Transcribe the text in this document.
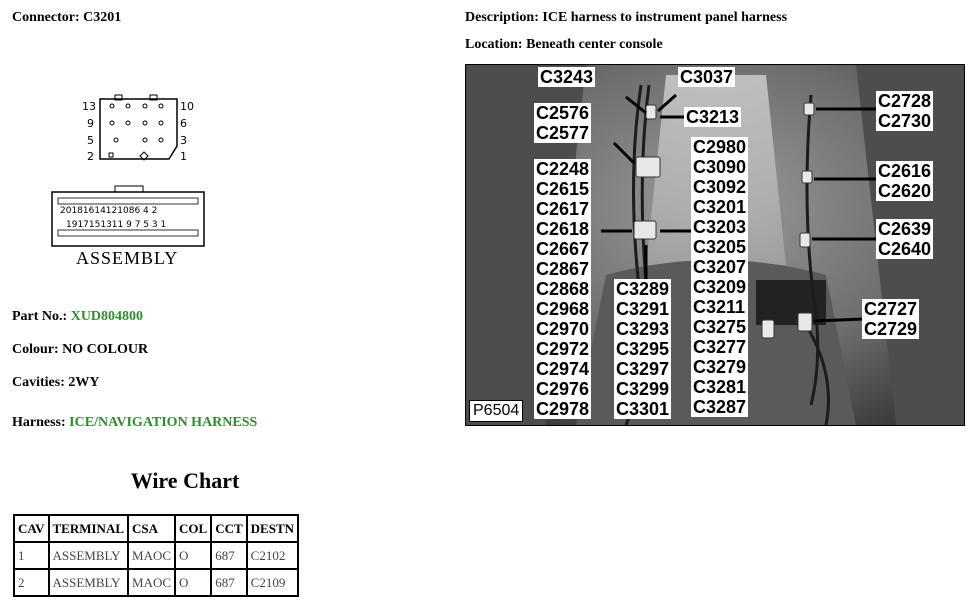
Connector: C3201	Description: ICE harness to instrument panel harness
Location: Beneath center console
13	10
9	6
5	3
2	1
20181614121086 4 2
1917151311 9 7 5 3 1
ASSEMBLY
Part No.: XUD804800
Colour: NO COLOUR
Cavities: 2WY
Harness: ICE/NAVIGATION HARNESS
Wire Chart
CAV	TERMINAL	CSA	COL	CCT	DESTN
1	ASSEMBLY	MAOC	O	687	C2102
2	ASSEMBLY	MAOC	O	687	C2109
C3243	C3037
C3213
C2576
C2577
C2248
C2615
C2617
C2618
C2667
C2867
C2868
C2968
C2970
C2972
C2974
C2976
C2978
C2980
C3090
C3092
C3201
C3203
C3205
C3207
C3209
C3211
C3275
C3277
C3279
C3281
C3287
C3289
C3291
C3293
C3295
C3297
C3299
C3301
C2728
C2730
C2616
C2620
C2639
C2640
C2727
C2729
P6504
